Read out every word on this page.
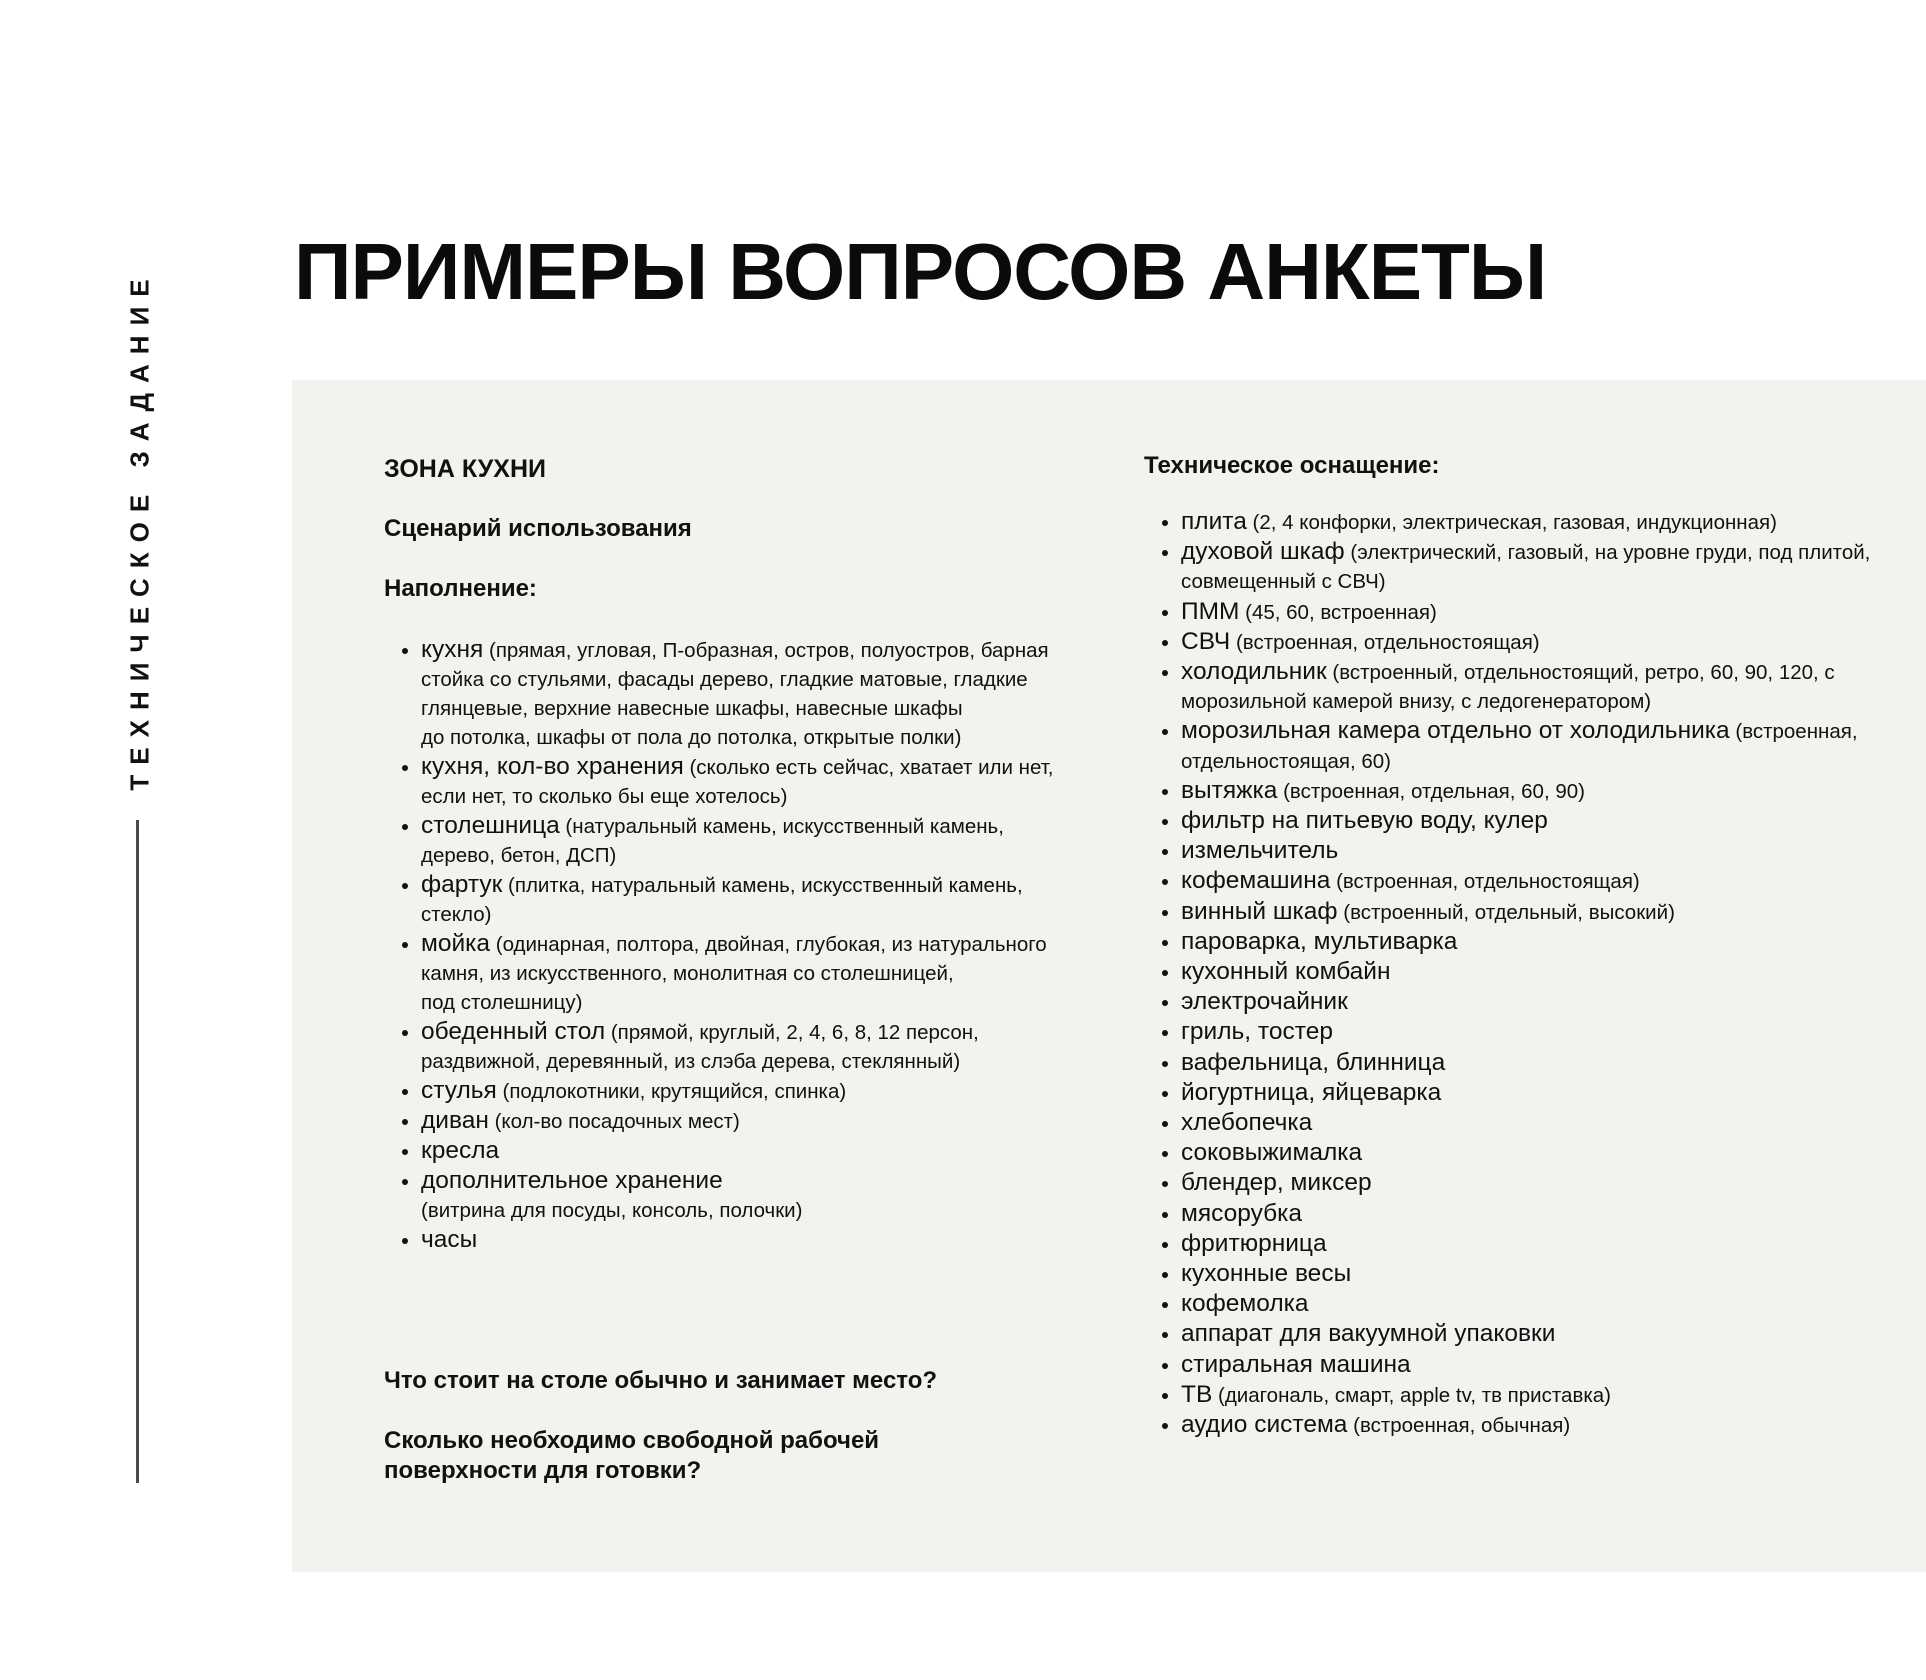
ТЕХНИЧЕСКОЕ ЗАДАНИЕ ПРИМЕРЫ ВОПРОСОВ АНКЕТЫ

ЗОНА КУХНИ

Сценарий использования

Наполнение:

• кухня (прямая, угловая, П-образная, остров, полуостров, барная стойка со стульями, фасады дерево, гладкие матовые, гладкие глянцевые, верхние навесные шкафы, навесные шкафы
до потолка, шкафы от пола до потолка, открытые полки)
• кухня, кол-во хранения (сколько есть сейчас, хватает или нет, если нет, то сколько бы еще хотелось)
• столешница (натуральный камень, искусственный камень,
дерево, бетон, ДСП)
• фартук (плитка, натуральный камень, искусственный камень, стекло)
• мойка (одинарная, полтора, двойная, глубокая, из натурального камня, из искусственного, монолитная со столешницей,
под столешницу)
• обеденный стол (прямой, круглый, 2, 4, 6, 8, 12 персон, раздвижной, деревянный, из слэба дерева, стеклянный)
• стулья (подлокотники, крутящийся, спинка)
• диван (кол-во посадочных мест)
• кресла
• дополнительное хранение
(витрина для посуды, консоль, полочки)
• часы

Что стоит на столе обычно и занимает место?

Сколько необходимо свободной рабочей поверхности для готовки?

Техническое оснащение:

• плита (2, 4 конфорки, электрическая, газовая, индукционная)
• духовой шкаф (электрический, газовый, на уровне груди, под плитой, совмещенный с СВЧ)
• ПММ (45, 60, встроенная)
• СВЧ (встроенная, отдельностоящая)
• холодильник (встроенный, отдельностоящий, ретро, 60, 90, 120, с морозильной камерой внизу, с ледогенератором)
• морозильная камера отдельно от холодильника (встроенная, отдельностоящая, 60)
• вытяжка (встроенная, отдельная, 60, 90)
• фильтр на питьевую воду, кулер
• измельчитель
• кофемашина (встроенная, отдельностоящая)
• винный шкаф (встроенный, отдельный, высокий)
• пароварка, мультиварка
• кухонный комбайн
• электрочайник
• гриль, тостер
• вафельница, блинница
• йогуртница, яйцеварка
• хлебопечка
• соковыжималка
• блендер, миксер
• мясорубка
• фритюрница
• кухонные весы
• кофемолка
• аппарат для вакуумной упаковки
• стиральная машина
• ТВ (диагональ, смарт, apple tv, тв приставка)
• аудио система (встроенная, обычная)
